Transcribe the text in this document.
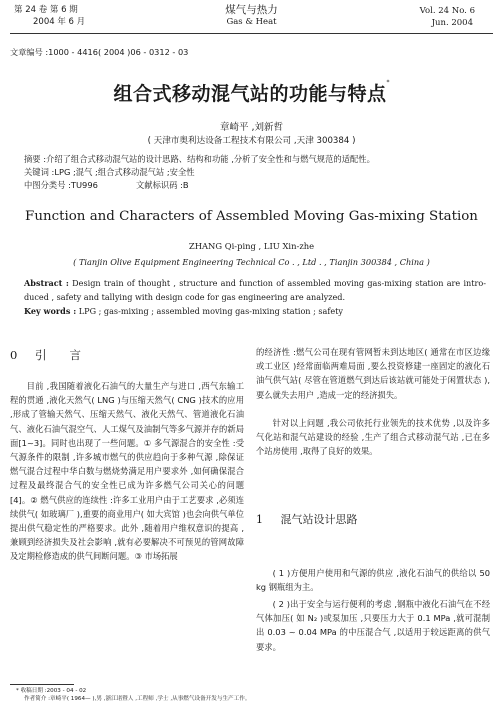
第 24 卷 第 6 期
2004 年 6 月
煤气与热力
Gas & Heat
Vol. 24 No. 6
Jun. 2004
文章编号 :1000 - 4416( 2004 )06 - 0312 - 03
组合式移动混气站的功能与特点*
章崎平 ,刘新哲
( 天津市奥利达设备工程技术有限公司 ,天津 300384 )
摘要 :介绍了组合式移动混气站的设计思路、结构和功能 ,分析了安全性和与燃气规范的适配性。
关键词 :LPG ;混气 ;组合式移动混气站 ;安全性
中图分类号 :TU996	文献标识码 :B
Function and Characters of Assembled Moving Gas-mixing Station
ZHANG Qi-ping , LIU Xin-zhe
( Tianjin Olive Equipment Engineering Technical Co . , Ltd . , Tianjin 300384 , China )
Abstract : Design train of thought , structure and function of assembled moving gas-mixing station are intro-duced , safety and tallying with design code for gas engineering are analyzed.
Key words : LPG ; gas-mixing ; assembled moving gas-mixing station ; safety
0 引　　言
目前 ,我国随着液化石油气的大量生产与进口 ,西气东输工程的贯通 ,液化天然气( LNG )与压缩天然气( CNG )技术的应用 ,形成了管输天然气、压缩天然气、液化天然气、管道液化石油气、液化石油气混空气、人工煤气及油制气等多气源并存的新局面[1~3]。同时也出现了一些问题。① 多气源混合的安全性 :受气源条件的限制 ,许多城市燃气的供应趋向于多种气源 ,除保证燃气混合过程中华白数与燃烧势满足用户要求外 ,如何确保混合过程及最终混合气的安全性已成为许多燃气公司关心的问题[4]。② 燃气供应的连续性 :许多工业用户由于工艺要求 ,必须连续供气( 如玻璃厂 ),重要的商业用户( 如大宾馆 )也会向供气单位提出供气稳定性的严格要求。此外 ,随着用户维权意识的提高 ,兼顾到经济损失及社会影响 ,就有必要解决不可预见的管网故障及定期检修造成的供气间断问题。③ 市场拓展
的经济性 :燃气公司在现有管网暂未到达地区( 通常在市区边缘或工业区 )经常面临两难局面 ,要么投资修建一座固定的液化石油气供气站( 尽管在管道燃气到达后该站就可能处于闲置状态 ),要么就失去用户 ,造成一定的经济损失。
针对以上问题 ,我公司依托行业领先的技术优势 ,以及许多气化站和混气站建设的经验 ,生产了组合式移动混气站 ,已在多个站房使用 ,取得了良好的效果。
1 混气站设计思路
( 1 )方便用户使用和气源的供应 ,液化石油气的供给以 50 kg 钢瓶组为主。
( 2 )出于安全与运行便利的考虑 ,钢瓶中液化石油气在不经气体加压( 如 N₂ )或泵加压 ,只要压力大于 0.1 MPa ,就可混制出 0.03 ~ 0.04 MPa 的中压混合气 ,以适用于较远距离的供气要求。
* 收稿日期 :2003 - 04 - 02
作者简介 :章崎平( 1964— ),男 ,浙江诸暨人 ,工程师 ,学士 ,从事燃气设备开发与生产工作。
